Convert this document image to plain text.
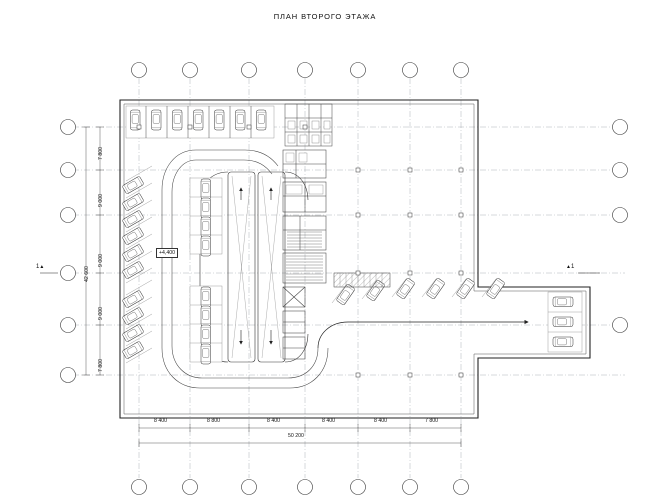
ПЛАН ВТОРОГО ЭТАЖА
8 400	8 800	8 400	8 400	8 400	7 800
50 200
7 800
9 000
9 000
9 000
7 800
42 600
+4,400
1▲	▲1
